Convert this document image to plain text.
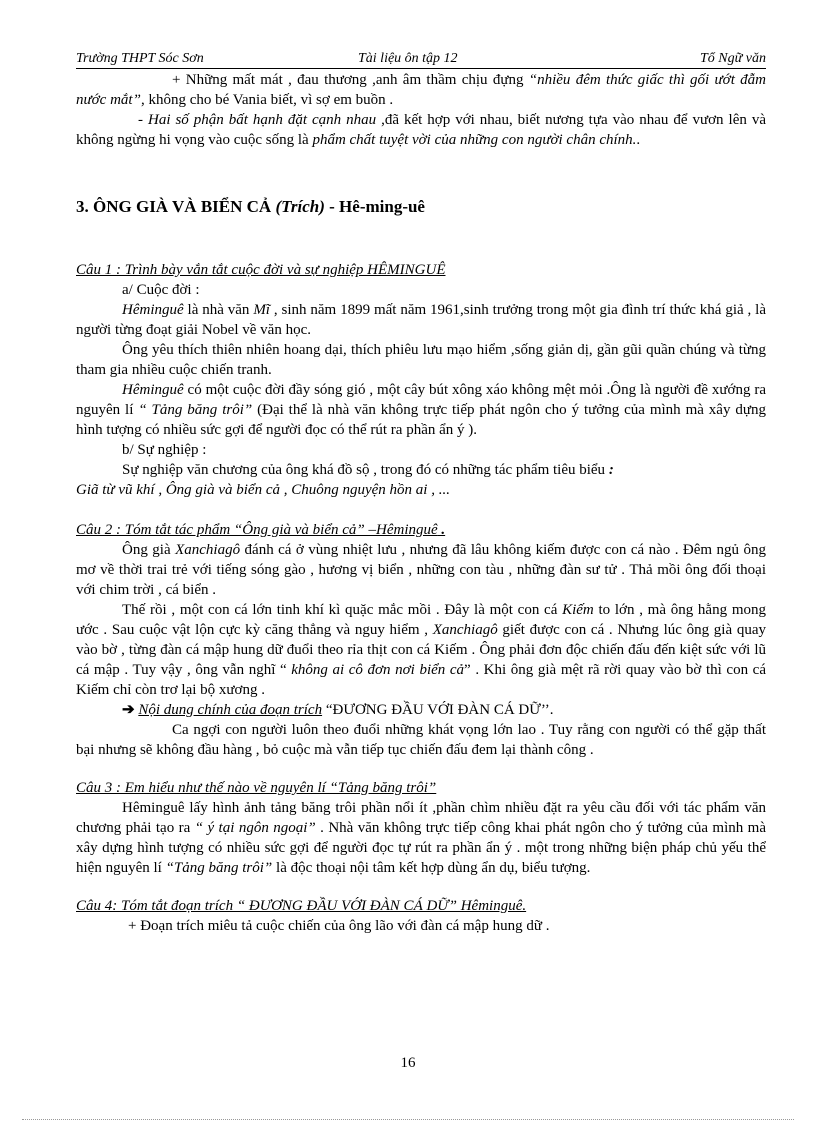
Trường THPT Sóc Sơn	Tài liệu ôn tập 12	Tổ Ngữ văn

+ Những mất mát , đau thương ,anh âm thầm chịu đựng “nhiều đêm thức giấc thì gối ướt đẫm nước mắt”, không cho bé Vania biết, vì sợ em buồn .

- Hai số phận bất hạnh đặt cạnh nhau ,đã kết hợp với nhau, biết nương tựa vào nhau để vươn lên và không ngừng hi vọng vào cuộc sống là phẩm chất tuyệt vời của những con người chân chính..

3. ÔNG GIÀ VÀ BIỂN CẢ (Trích) - Hê-ming-uê

Câu 1 : Trình bày vắn tắt cuộc đời và sự nghiệp HÊMINGUÊ

a/ Cuộc đời :

Hêminguê là nhà văn Mĩ , sinh năm 1899 mất năm 1961,sinh trưởng trong một gia đình trí thức khá giả , là người từng đoạt giải Nobel về văn học.

Ông yêu thích thiên nhiên hoang dại, thích phiêu lưu mạo hiểm ,sống giản dị, gần gũi quần chúng và từng tham gia nhiều cuộc chiến tranh.

Hêminguê có một cuộc đời đầy sóng gió , một cây bút xông xáo không mệt mỏi .Ông là người đề xướng ra nguyên lí “ Tảng băng trôi” (Đại thể là nhà văn không trực tiếp phát ngôn cho ý tưởng của mình mà xây dựng hình tượng có nhiều sức gợi để người đọc có thể rút ra phần ẩn ý ).

b/ Sự nghiệp :

Sự nghiệp văn chương của ông khá đồ sộ , trong đó có những tác phẩm tiêu biểu :

Giã từ vũ khí , Ông già và biển cả , Chuông nguyện hồn ai , ...

Câu 2 : Tóm tắt tác phẩm “Ông già và biển cả” –Hêminguê .

Ông già Xanchiagô đánh cá ở vùng nhiệt lưu , nhưng đã lâu không kiếm được con cá nào . Đêm ngủ ông mơ về thời trai trẻ với tiếng sóng gào , hương vị biển , những con tàu , những đàn sư tử . Thả mồi ông đối thoại với chim trời , cá biển .

Thế rồi , một con cá lớn tinh khí kì quặc mắc mồi . Đây là một con cá Kiếm to lớn , mà ông hằng mong ước . Sau cuộc vật lộn cực kỳ căng thẳng và nguy hiểm , Xanchiagô giết được con cá . Nhưng lúc ông già quay vào bờ , từng đàn cá mập hung dữ đuổi theo rỉa thịt con cá Kiếm . Ông phải đơn độc chiến đấu đến kiệt sức với lũ cá mập . Tuy vậy , ông vẫn nghĩ “ không ai cô đơn nơi biển cả” . Khi ông già mệt rã rời quay vào bờ thì con cá Kiếm chỉ còn trơ lại bộ xương .

➔ Nội dung chính của đoạn trích “ĐƯƠNG ĐẦU VỚI ĐÀN CÁ DỮ’’.

Ca ngợi con người luôn theo đuổi những khát vọng lớn lao . Tuy rằng con người có thể gặp thất bại nhưng sẽ không đầu hàng , bỏ cuộc mà vẫn tiếp tục chiến đấu đem lại thành công .

Câu 3 : Em hiểu như thế nào về nguyên lí “Tảng băng trôi”

Hêminguê lấy hình ảnh tảng băng trôi phần nổi ít ,phần chìm nhiều đặt ra yêu cầu đối với tác phẩm văn chương phải tạo ra “ ý tại ngôn ngoại” . Nhà văn không trực tiếp công khai phát ngôn cho ý tưởng của mình mà xây dựng hình tượng có nhiều sức gợi để người đọc tự rút ra phần ẩn ý . một trong những biện pháp chủ yếu thể hiện nguyên lí “Tảng băng trôi” là độc thoại nội tâm kết hợp dùng ẩn dụ, biểu tượng.

Câu 4: Tóm tắt đoạn trích “ ĐƯƠNG ĐẦU VỚI ĐÀN CÁ DỮ” Hêminguê.

+ Đoạn trích miêu tả cuộc chiến của ông lão với đàn cá mập hung dữ .

16
